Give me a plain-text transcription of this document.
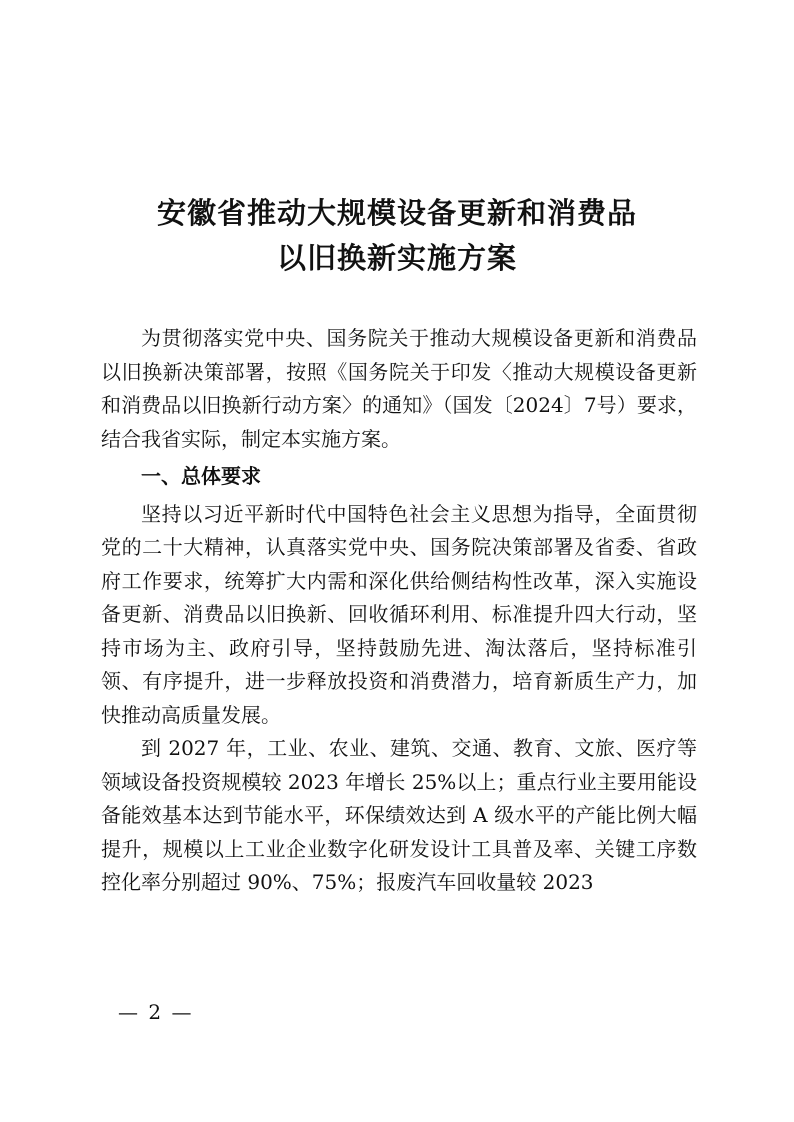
安徽省推动大规模设备更新和消费品
以旧换新实施方案

为贯彻落实党中央、国务院关于推动大规模设备更新和消费品以旧换新决策部署，按照《国务院关于印发〈推动大规模设备更新和消费品以旧换新行动方案〉的通知》（国发〔2024〕7号）要求，结合我省实际，制定本实施方案。

一、总体要求

坚持以习近平新时代中国特色社会主义思想为指导，全面贯彻党的二十大精神，认真落实党中央、国务院决策部署及省委、省政府工作要求，统筹扩大内需和深化供给侧结构性改革，深入实施设备更新、消费品以旧换新、回收循环利用、标准提升四大行动，坚持市场为主、政府引导，坚持鼓励先进、淘汰落后，坚持标准引领、有序提升，进一步释放投资和消费潜力，培育新质生产力，加快推动高质量发展。

到 2027 年，工业、农业、建筑、交通、教育、文旅、医疗等领域设备投资规模较 2023 年增长 25%以上；重点行业主要用能设备能效基本达到节能水平，环保绩效达到 A 级水平的产能比例大幅提升，规模以上工业企业数字化研发设计工具普及率、关键工序数控化率分别超过 90%、75%；报废汽车回收量较 2023

— 2 —
